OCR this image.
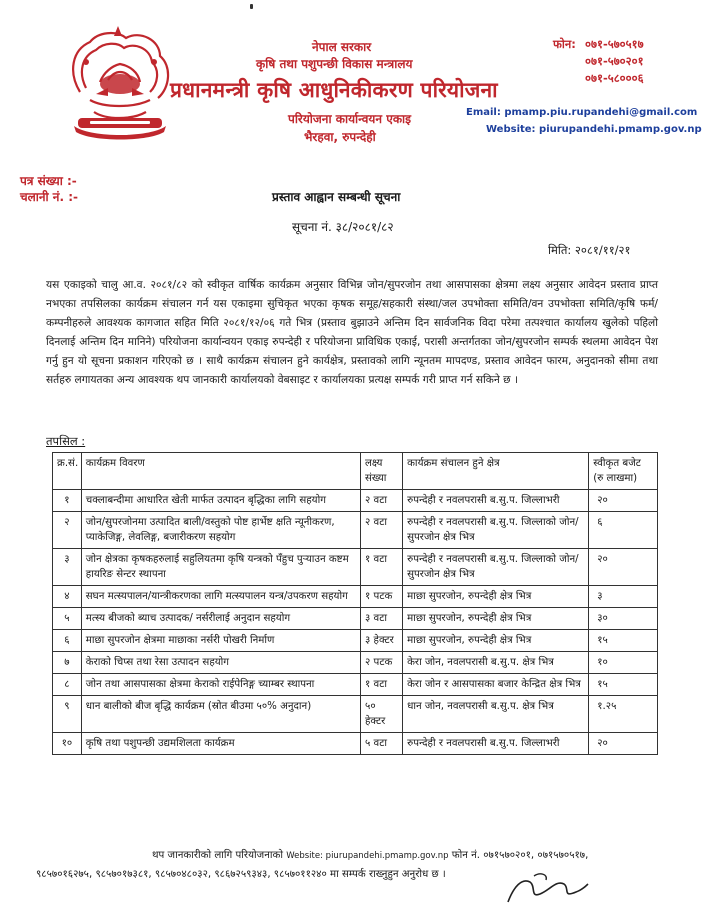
नेपाल सरकार
कृषि तथा पशुपन्छी विकास मन्त्रालय
प्रधानमन्त्री कृषि आधुनिकीकरण परियोजना
परियोजना कार्यान्वयन एकाइ
भैरहवा, रुपन्देही
फोन: ०७१-५७०५१७
०७१-५७०२०१
०७१-५८०००६
Email: pmamp.piu.rupandehi@gmail.com
Website: piurupandehi.pmamp.gov.np
पत्र संख्या :-
चलानी नं. :-	प्रस्ताव आह्वान सम्बन्धी सूचना
सूचना नं. ३८/२०८१/८२
मिति: २०८१/११/२१
यस एकाइको चालु आ.व. २०८१/८२ को स्वीकृत वार्षिक कार्यक्रम अनुसार विभिन्न जोन/सुपरजोन तथा आसपासका क्षेत्रमा लक्ष्य अनुसार आवेदन प्रस्ताव प्राप्त नभएका तपसिलका कार्यक्रम संचालन गर्न यस एकाइमा सुचिकृत भएका कृषक समूह/सहकारी संस्था/जल उपभोक्ता समिति/वन उपभोक्ता समिति/कृषि फर्म/कम्पनीहरुले आवश्यक कागजात सहित मिति २०८१/१२/०६ गते भित्र (प्रस्ताव बुझाउने अन्तिम दिन सार्वजनिक विदा परेमा तत्पश्चात कार्यालय खुलेको पहिलो दिनलाई अन्तिम दिन मानिने) परियोजना कार्यान्वयन एकाइ रुपन्देही र परियोजना प्राविधिक एकाई, परासी अन्तर्गतका जोन/सुपरजोन सम्पर्क स्थलमा आवेदन पेश गर्नु हुन यो सूचना प्रकाशन गरिएको छ । साथै कार्यक्रम संचालन हुने कार्यक्षेत्र, प्रस्तावको लागि न्यूनतम मापदण्ड, प्रस्ताव आवेदन फारम, अनुदानको सीमा तथा सर्तहरु लगायतका अन्य आवश्यक थप जानकारी कार्यालयको वेबसाइट र कार्यालयका प्रत्यक्ष सम्पर्क गरी प्राप्त गर्न सकिने छ ।
तपसिल :
क्र.सं.	कार्यक्रम विवरण	लक्ष्य संख्या	कार्यक्रम संचालन हुने क्षेत्र	स्वीकृत बजेट (रु लाखमा)
१	चक्लाबन्दीमा आधारित खेती मार्फत उत्पादन बृद्धिका लागि सहयोग	२ वटा	रुपन्देही र नवलपरासी ब.सु.प. जिल्लाभरी	२०
२	जोन/सुपरजोनमा उत्पादित बाली/वस्तुको पोष्ट हार्भेष्ट क्षति न्यूनीकरण, प्याकेजिङ्ग, लेवलिङ्ग, बजारीकरण सहयोग	२ वटा	रुपन्देही र नवलपरासी ब.सु.प. जिल्लाको जोन/ सुपरजोन क्षेत्र भित्र	६
३	जोन क्षेत्रका कृषकहरुलाई सहुलियतमा कृषि यन्त्रको पँहुच पुऱ्याउन कष्टम हायरिङ सेन्टर स्थापना	१ वटा	रुपन्देही र नवलपरासी ब.सु.प. जिल्लाको जोन/ सुपरजोन क्षेत्र भित्र	२०
४	सघन मत्स्यपालन/यान्त्रीकरणका लागि मत्स्यपालन यन्त्र/उपकरण सहयोग	१ पटक	माछा सुपरजोन, रुपन्देही क्षेत्र भित्र	३
५	मत्स्य बीजको ब्याच उत्पादक/ नर्सरीलाई अनुदान सहयोग	३ वटा	माछा सुपरजोन, रुपन्देही क्षेत्र भित्र	३०
६	माछा सुपरजोन क्षेत्रमा माछाका नर्सरी पोखरी निर्माण	३ हेक्टर	माछा सुपरजोन, रुपन्देही क्षेत्र भित्र	१५
७	केराको चिप्स तथा रेसा उत्पादन सहयोग	२ पटक	केरा जोन, नवलपरासी ब.सु.प. क्षेत्र भित्र	१०
८	जोन तथा आसपासका क्षेत्रमा केराको राईपेनिङ्ग च्याम्बर स्थापना	१ वटा	केरा जोन र आसपासका बजार केन्द्रित क्षेत्र भित्र	१५
९	धान बालीको बीज बृद्धि कार्यक्रम (स्रोत बीउमा ५०% अनुदान)	५० हेक्टर	धान जोन, नवलपरासी ब.सु.प. क्षेत्र भित्र	१.२५
१०	कृषि तथा पशुपन्छी उद्यमशिलता कार्यक्रम	५ वटा	रुपन्देही र नवलपरासी ब.सु.प. जिल्लाभरी	२०
थप जानकारीको लागि परियोजनाको Website: piurupandehi.pmamp.gov.np फोन नं. ०७१५७०२०१, ०७१५७०५१७,
९८५७०१६२७५, ९८५७०१७३८१, ९८५७०४८०३२, ९८६७२५९३४३, ९८५७०११२४० मा सम्पर्क राख्नुहुन अनुरोध छ ।
